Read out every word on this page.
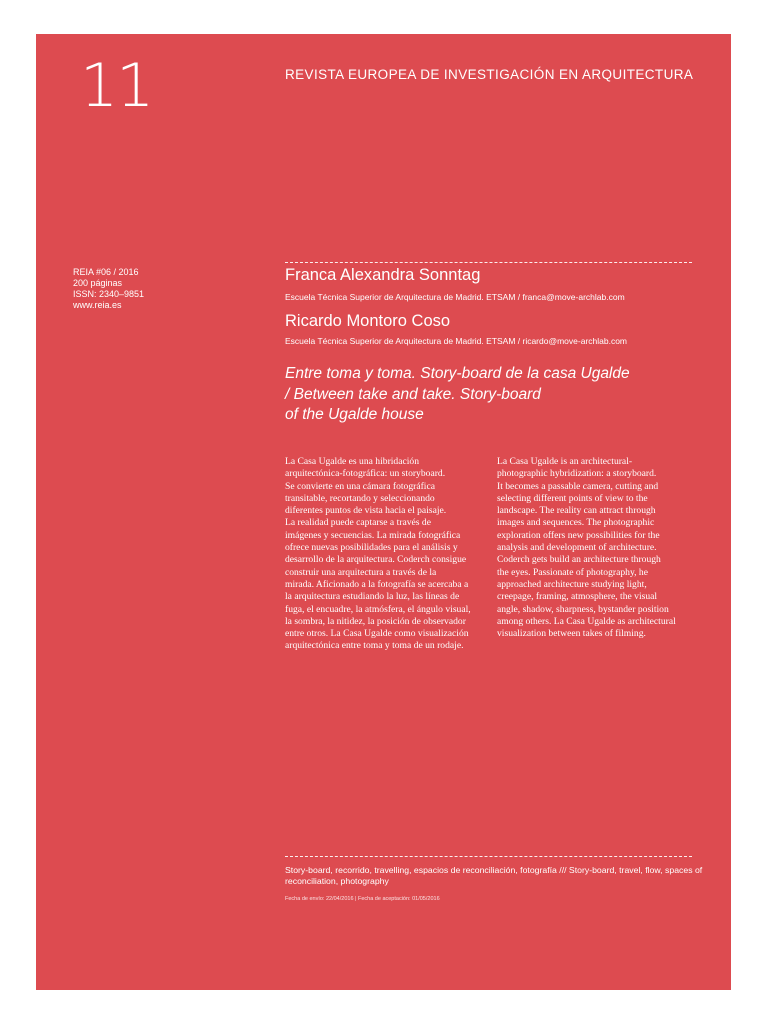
11	REVISTA EUROPEA DE INVESTIGACIÓN EN ARQUITECTURA
REIA #06 / 2016
200 páginas
ISSN: 2340–9851
www.reia.es
Franca Alexandra Sonntag
Escuela Técnica Superior de Arquitectura de Madrid. ETSAM / franca@move-archlab.com
Ricardo Montoro Coso
Escuela Técnica Superior de Arquitectura de Madrid. ETSAM / ricardo@move-archlab.com
Entre toma y toma. Story-board de la casa Ugalde
/ Between take and take. Story-board
of the Ugalde house
La Casa Ugalde es una hibridación
arquitectónica-fotográfica: un storyboard.
Se convierte en una cámara fotográfica
transitable, recortando y seleccionando
diferentes puntos de vista hacia el paisaje.
La realidad puede captarse a través de
imágenes y secuencias. La mirada fotográfica
ofrece nuevas posibilidades para el análisis y
desarrollo de la arquitectura. Coderch consigue
construir una arquitectura a través de la
mirada. Aficionado a la fotografía se acercaba a
la arquitectura estudiando la luz, las líneas de
fuga, el encuadre, la atmósfera, el ángulo visual,
la sombra, la nitidez, la posición de observador
entre otros. La Casa Ugalde como visualización
arquitectónica entre toma y toma de un rodaje.
La Casa Ugalde is an architectural-
photographic hybridization: a storyboard.
It becomes a passable camera, cutting and
selecting different points of view to the
landscape. The reality can attract through
images and sequences. The photographic
exploration offers new possibilities for the
analysis and development of architecture.
Coderch gets build an architecture through
the eyes. Passionate of photography, he
approached architecture studying light,
creepage, framing, atmosphere, the visual
angle, shadow, sharpness, bystander position
among others. La Casa Ugalde as architectural
visualization between takes of filming.
Story-board, recorrido, travelling, espacios de reconciliación, fotografía /// Story-board, travel, flow, spaces of reconciliation, photography
Fecha de envío: 22/04/2016 | Fecha de aceptación: 01/05/2016
